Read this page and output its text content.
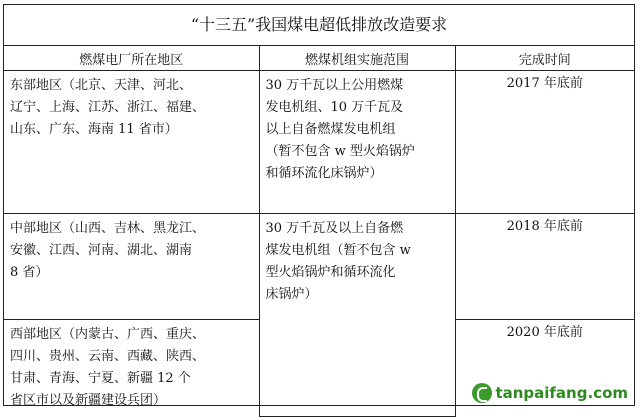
“十三五”我国煤电超低排放改造要求
燃煤电厂所在地区	燃煤机组实施范围	完成时间

东部地区（北京、天津、河北、
辽宁、上海、江苏、浙江、福建、
山东、广东、海南 11 省市）	30 万千瓦以上公用燃煤
发电机组、10 万千瓦及
以上自备燃煤发电机组
（暂不包含 w 型火焰锅炉
和循环流化床锅炉）	2017 年底前

中部地区（山西、吉林、黑龙江、
安徽、江西、河南、湖北、湖南
8 省）	30 万千瓦及以上自备燃
煤发电机组（暂不包含 w
型火焰锅炉和循环流化
床锅炉）	2018 年底前

西部地区（内蒙古、广西、重庆、
四川、贵州、云南、西藏、陕西、
甘肃、青海、宁夏、新疆 12 个
省区市以及新疆建设兵团）		2020 年底前
tanpaifang.com
